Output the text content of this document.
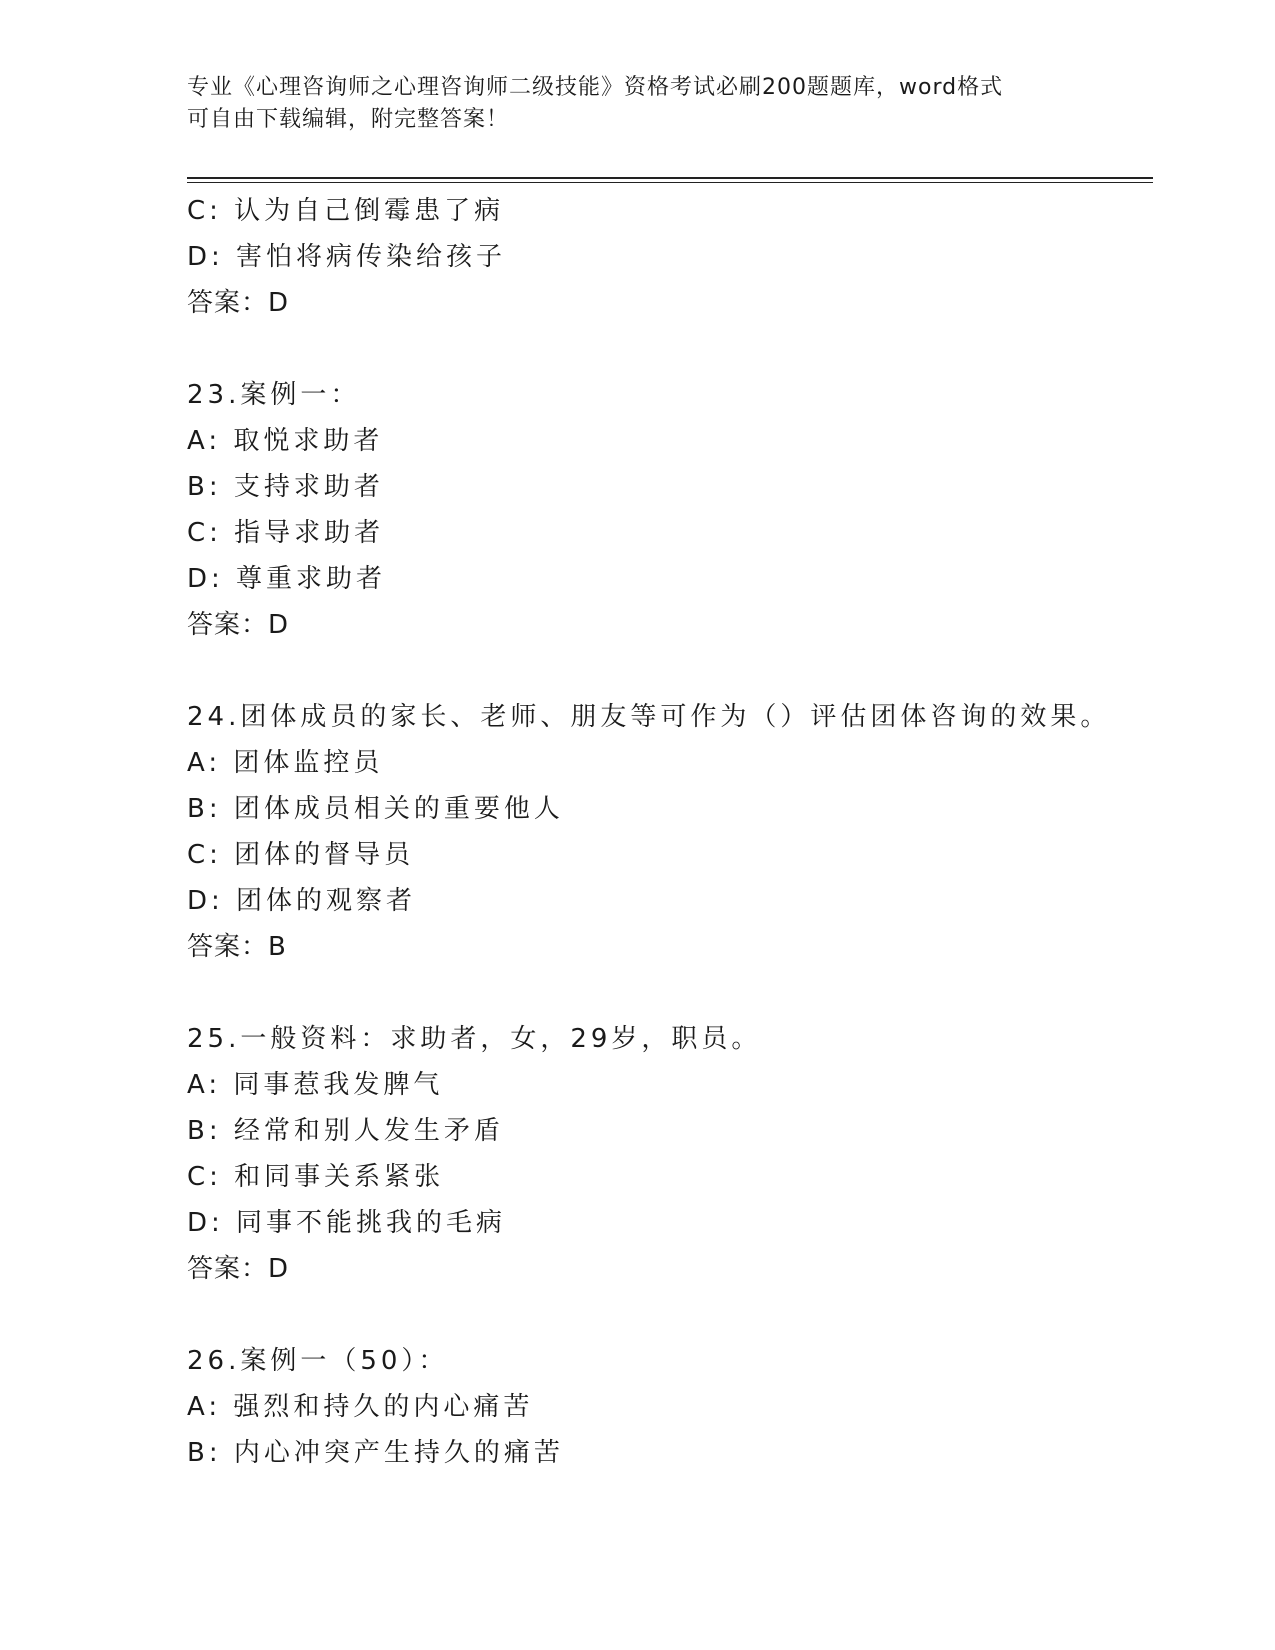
专业《心理咨询师之心理咨询师二级技能》资格考试必刷200题题库，word格式
可自由下载编辑，附完整答案！
C: 认为自己倒霉患了病
D: 害怕将病传染给孩子
答案：D
23.案例一：
A: 取悦求助者
B: 支持求助者
C: 指导求助者
D: 尊重求助者
答案：D
24.团体成员的家长、老师、朋友等可作为（）评估团体咨询的效果。
A: 团体监控员
B: 团体成员相关的重要他人
C: 团体的督导员
D: 团体的观察者
答案：B
25.一般资料：求助者，女，29岁，职员。
A: 同事惹我发脾气
B: 经常和别人发生矛盾
C: 和同事关系紧张
D: 同事不能挑我的毛病
答案：D
26.案例一（50）：
A: 强烈和持久的内心痛苦
B: 内心冲突产生持久的痛苦
